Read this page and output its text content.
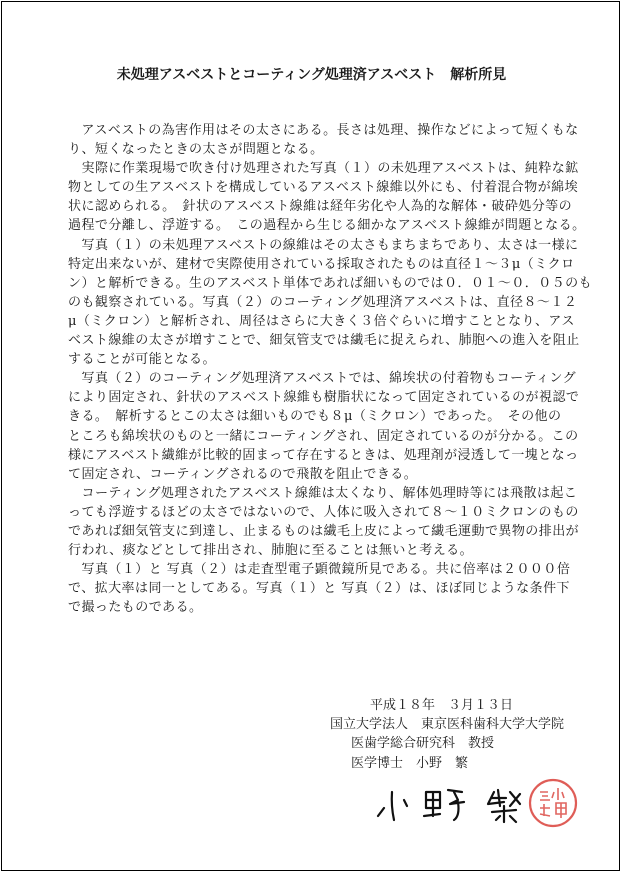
未処理アスベストとコーティング処理済アスベスト　解析所見

アスベストの為害作用はその太さにある。長さは処理、操作などによって短くもな
り、短くなったときの太さが問題となる。

実際に作業現場で吹き付け処理された写真（１）の未処理アスベストは、純粋な鉱
物としての生アスベストを構成しているアスベスト線維以外にも、付着混合物が綿埃
状に認められる。　針状のアスベスト線維は経年劣化や人為的な解体・破砕処分等の
過程で分離し、浮遊する。　この過程から生じる細かなアスベスト線維が問題となる。

写真（１）の未処理アスベストの線維はその太さもまちまちであり、太さは一様に
特定出来ないが、建材で実際使用されている採取されたものは直径１～３μ（ミクロ
ン）と解析できる。生のアスベスト単体であれば細いものでは０．０１～０．０５のも
のも観察されている。写真（２）のコーティング処理済アスベストは、直径８～１２
μ（ミクロン）と解析され、周径はさらに大きく３倍ぐらいに増すこととなり、アス
ベスト線維の太さが増すことで、細気管支では繊毛に捉えられ、肺胞への進入を阻止
することが可能となる。

写真（２）のコーティング処理済アスベストでは、綿埃状の付着物もコーティング
により固定され、針状のアスベスト線維も樹脂状になって固定されているのが視認で
きる。　解析するとこの太さは細いものでも８μ（ミクロン）であった。　その他の
ところも綿埃状のものと一緒にコーティングされ、固定されているのが分かる。この
様にアスベスト繊維が比較的固まって存在するときは、処理剤が浸透して一塊となっ
て固定され、コーティングされるので飛散を阻止できる。

コーティング処理されたアスベスト線維は太くなり、解体処理時等には飛散は起こ
っても浮遊するほどの太さではないので、人体に吸入されて８～１０ミクロンのもの
であれば細気管支に到達し、止まるものは繊毛上皮によって繊毛運動で異物の排出が
行われ、痰などとして排出され、肺胞に至ることは無いと考える。

写真（１）と 写真（２）は走査型電子顕微鏡所見である。共に倍率は２０００倍
で、拡大率は同一としてある。写真（１）と 写真（２）は、ほぼ同じような条件下
で撮ったものである。

平成１８年　３月１３日
国立大学法人　東京医科歯科大学大学院
医歯学総合研究科　教授
医学博士　小野　繁
